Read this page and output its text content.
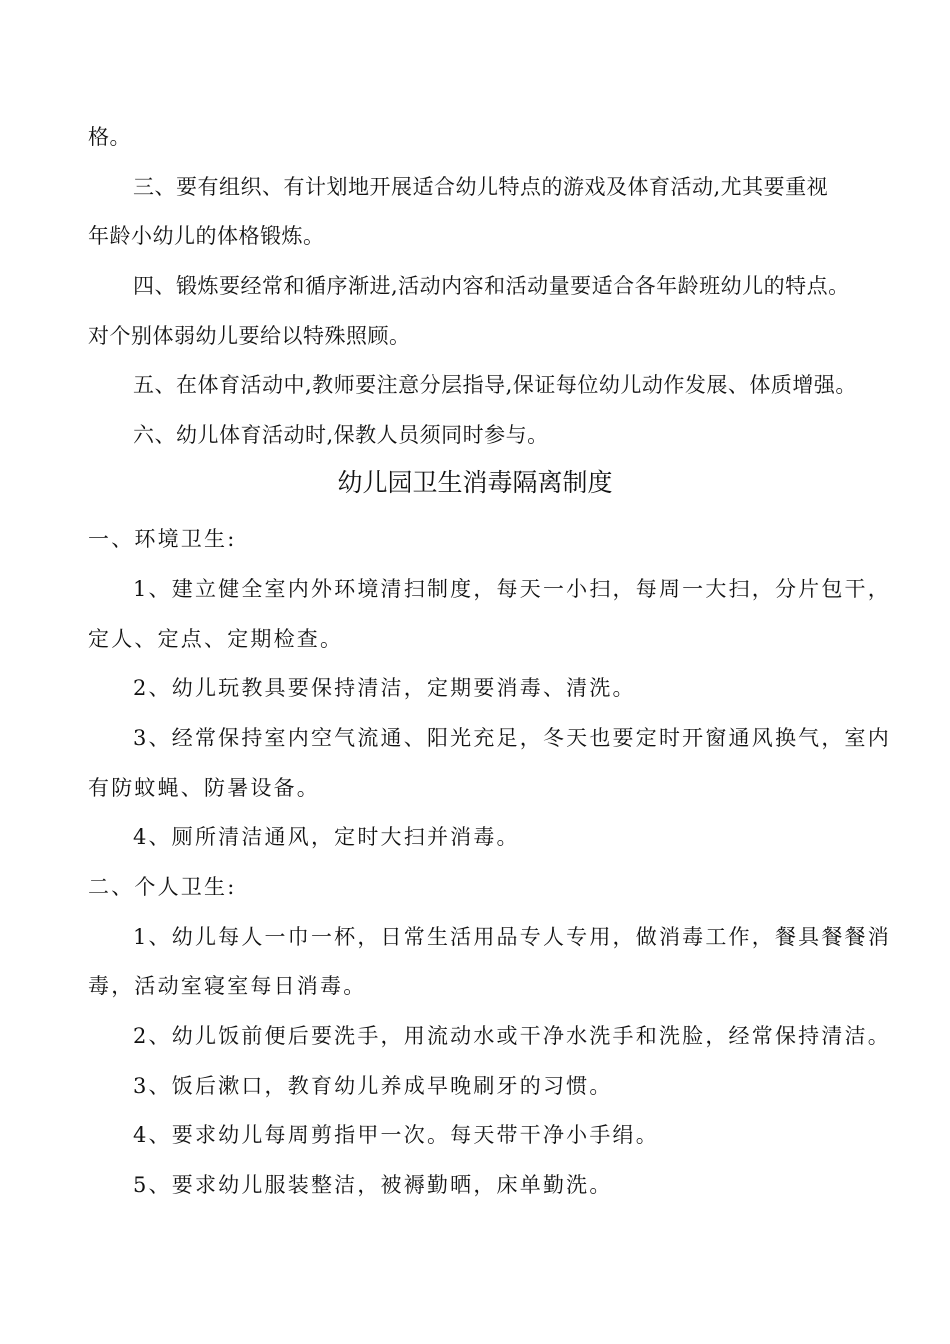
格。
三、要有组织、有计划地开展适合幼儿特点的游戏及体育活动,尤其要重视
年龄小幼儿的体格锻炼。
四、锻炼要经常和循序渐进,活动内容和活动量要适合各年龄班幼儿的特点。
对个别体弱幼儿要给以特殊照顾。
五、在体育活动中,教师要注意分层指导,保证每位幼儿动作发展、体质增强。
六、幼儿体育活动时,保教人员须同时参与。
幼儿园卫生消毒隔离制度
一、环境卫生:
1、建立健全室内外环境清扫制度，每天一小扫，每周一大扫，分片包干，
定人、定点、定期检查。
2、幼儿玩教具要保持清洁，定期要消毒、清洗。
3、经常保持室内空气流通、阳光充足，冬天也要定时开窗通风换气，室内
有防蚊蝇、防暑设备。
4、厕所清洁通风，定时大扫并消毒。
二、个人卫生:
1、幼儿每人一巾一杯，日常生活用品专人专用，做消毒工作，餐具餐餐消
毒，活动室寝室每日消毒。
2、幼儿饭前便后要洗手，用流动水或干净水洗手和洗脸，经常保持清洁。
3、饭后漱口，教育幼儿养成早晚刷牙的习惯。
4、要求幼儿每周剪指甲一次。每天带干净小手绢。
5、要求幼儿服装整洁，被褥勤晒，床单勤洗。
